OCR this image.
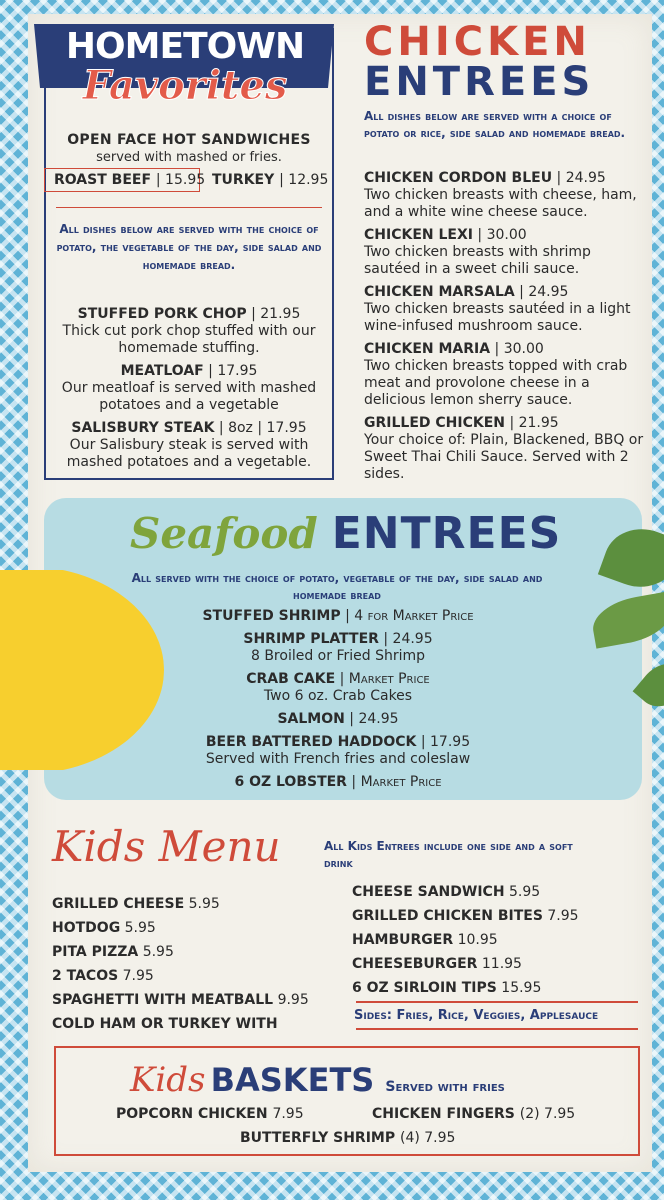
HOMETOWN
Favorites
OPEN FACE HOT SANDWICHES
served with mashed or fries.
ROAST BEEF | 15.95 TURKEY | 12.95
All dishes below are served with the choice of potato, the vegetable of the day, side salad and homemade bread.
STUFFED PORK CHOP | 21.95
Thick cut pork chop stuffed with our homemade stuffing.
MEATLOAF | 17.95
Our meatloaf is served with mashed potatoes and a vegetable
SALISBURY STEAK | 8oz | 17.95
Our Salisbury steak is served with mashed potatoes and a vegetable.
CHICKEN
ENTREES
All dishes below are served with a choice of potato or rice, side salad and homemade bread.
CHICKEN CORDON BLEU | 24.95
Two chicken breasts with cheese, ham, and a white wine cheese sauce.
CHICKEN LEXI | 30.00
Two chicken breasts with shrimp sautéed in a sweet chili sauce.
CHICKEN MARSALA | 24.95
Two chicken breasts sautéed in a light wine-infused mushroom sauce.
CHICKEN MARIA | 30.00
Two chicken breasts topped with crab meat and provolone cheese in a delicious lemon sherry sauce.
GRILLED CHICKEN | 21.95
Your choice of: Plain, Blackened, BBQ or Sweet Thai Chili Sauce. Served with 2 sides.
Seafood ENTREES
All served with the choice of potato, vegetable of the day, side salad and homemade bread
STUFFED SHRIMP | 4 for Market Price
SHRIMP PLATTER | 24.95
8 Broiled or Fried Shrimp
CRAB CAKE | Market Price
Two 6 oz. Crab Cakes
SALMON | 24.95
BEER BATTERED HADDOCK | 17.95
Served with French fries and coleslaw
6 OZ LOBSTER | Market Price
Kids Menu	All Kids Entrees include one side and a soft drink
GRILLED CHEESE 5.95
HOTDOG 5.95
PITA PIZZA 5.95
2 TACOS 7.95
SPAGHETTI WITH MEATBALL 9.95
COLD HAM OR TURKEY WITH
CHEESE SANDWICH 5.95
GRILLED CHICKEN BITES 7.95
HAMBURGER 10.95
CHEESEBURGER 11.95
6 OZ SIRLOIN TIPS 15.95
Sides: Fries, Rice, Veggies, Applesauce
Kids BASKETS Served with fries
POPCORN CHICKEN 7.95	CHICKEN FINGERS (2) 7.95
BUTTERFLY SHRIMP (4) 7.95
